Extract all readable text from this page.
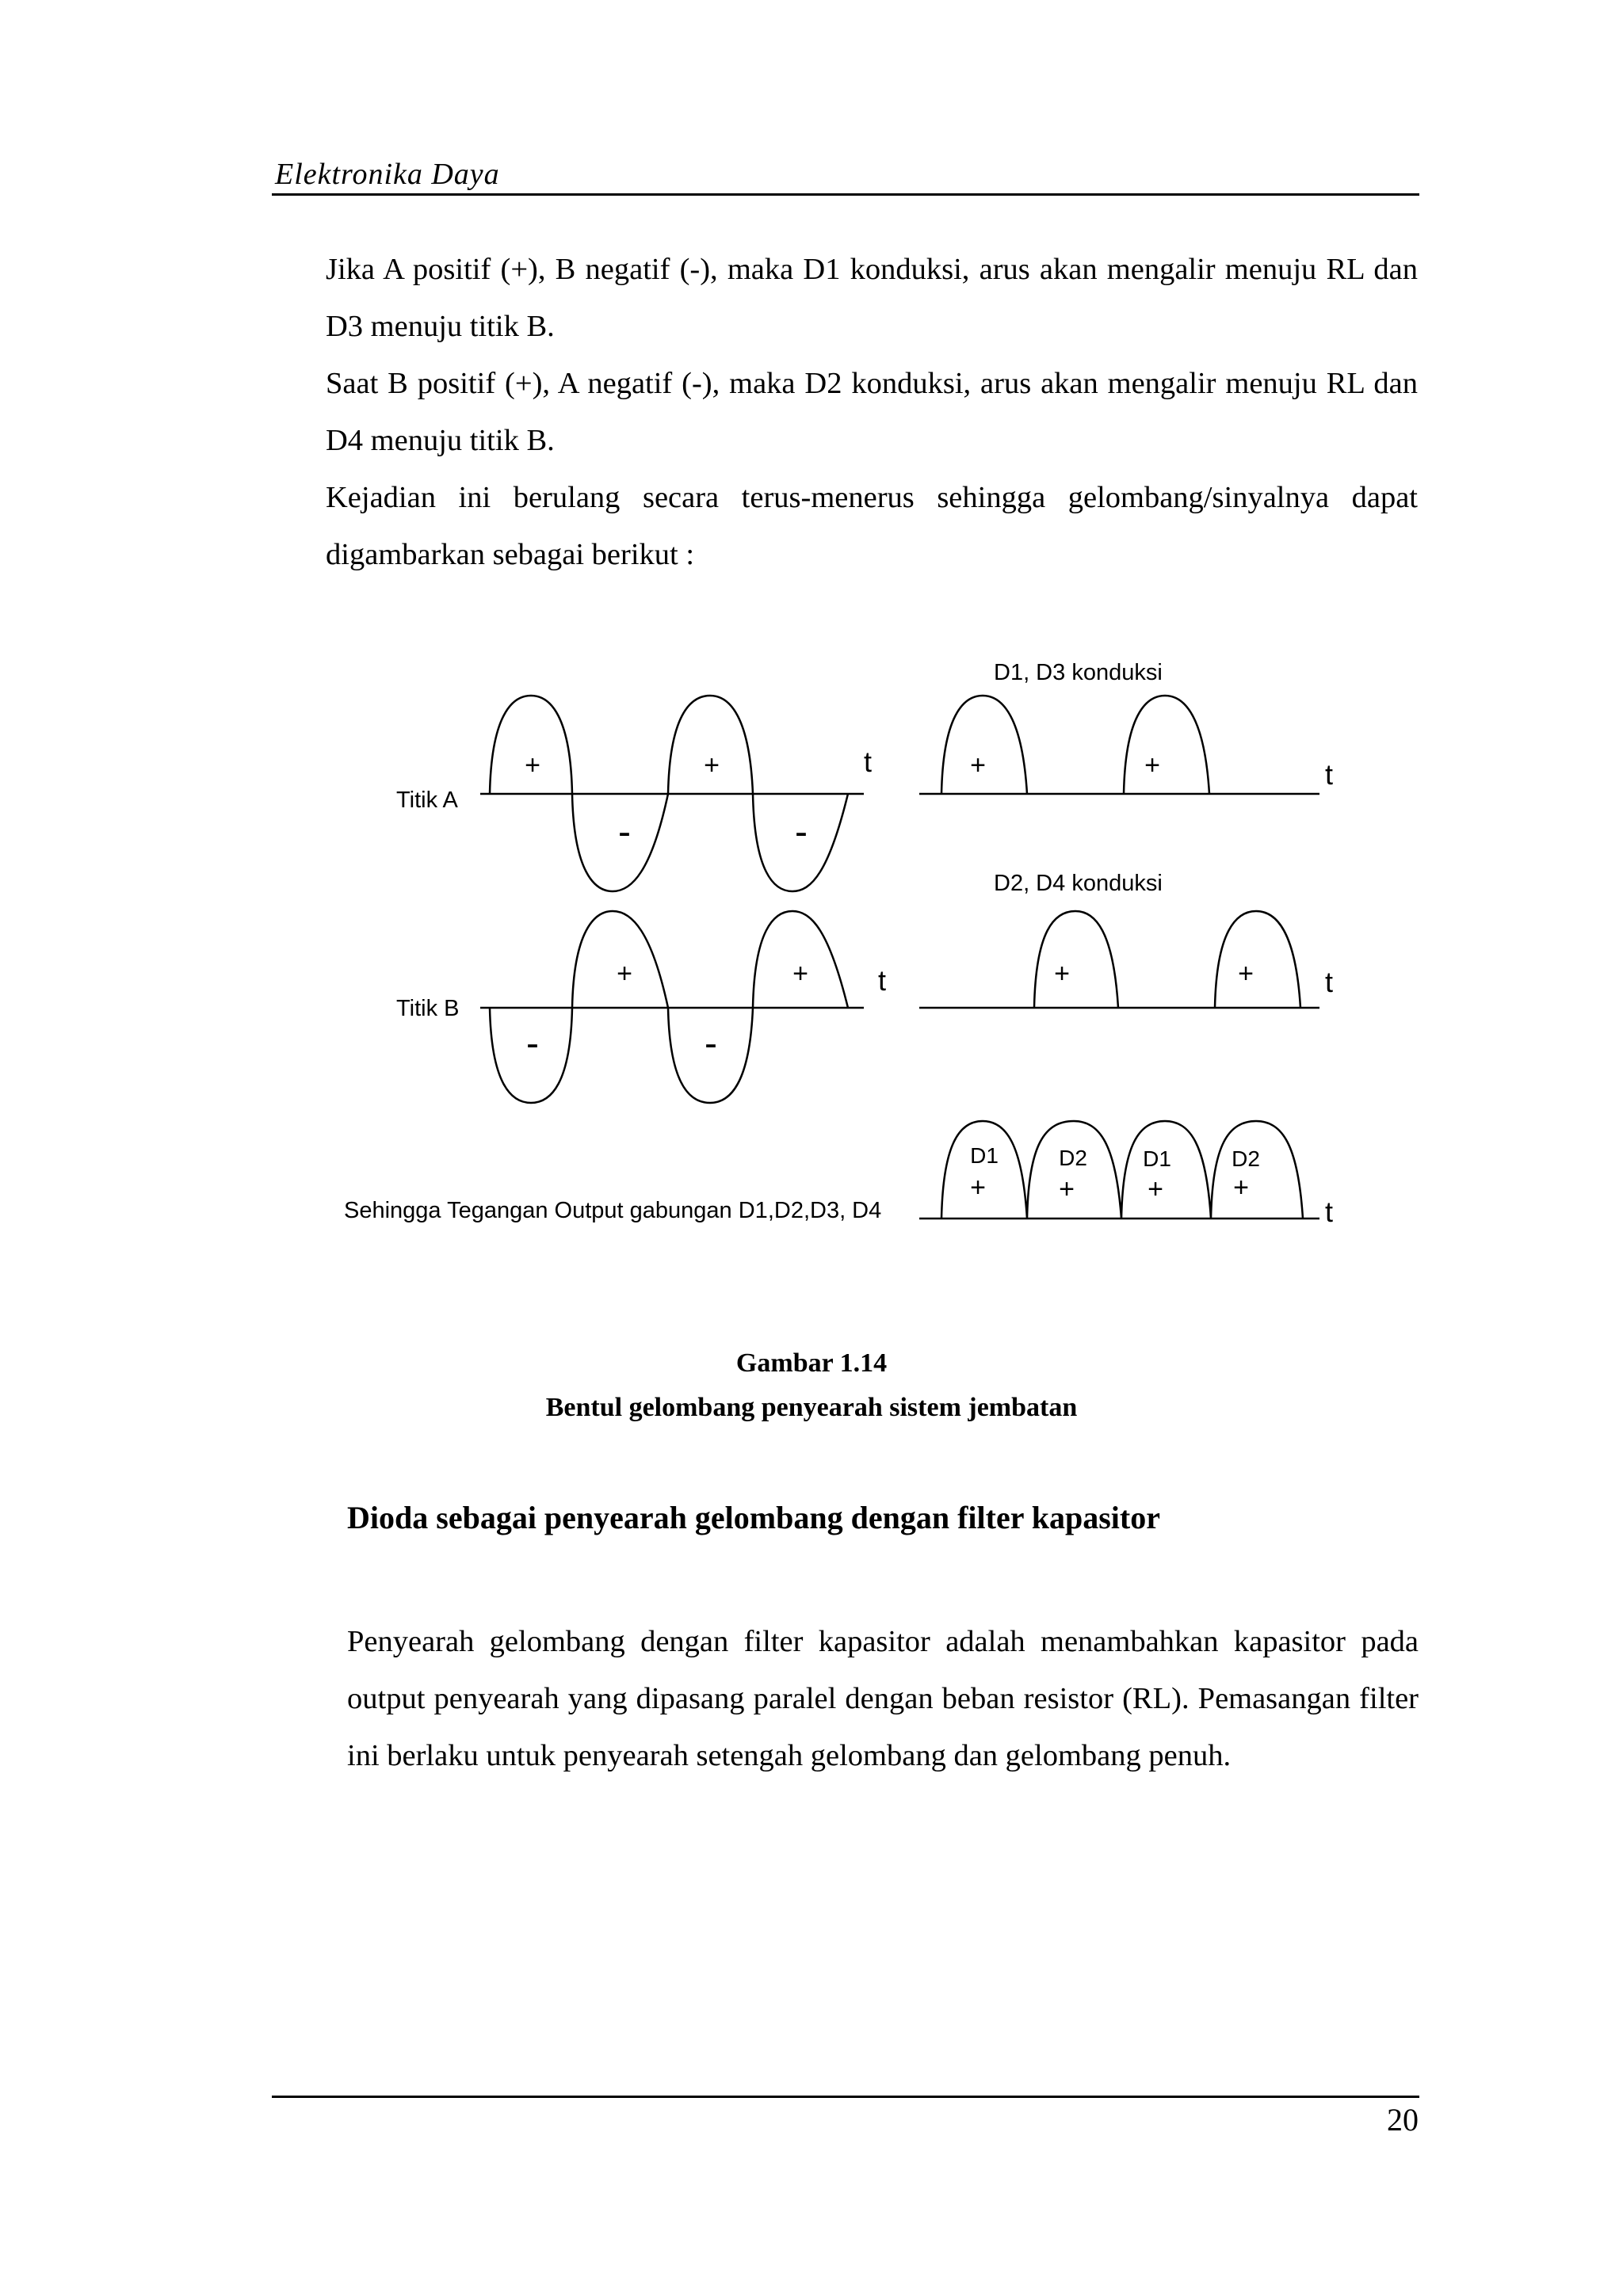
Elektronika Daya

Jika A positif (+), B negatif (-), maka D1 konduksi, arus akan mengalir menuju RL dan D3 menuju titik B.

Saat B positif (+), A negatif (-), maka D2 konduksi, arus akan mengalir menuju RL dan D4 menuju titik B.

Kejadian ini berulang secara terus-menerus sehingga gelombang/sinyalnya dapat digambarkan sebagai berikut :

Titik A
Titik B
D1, D3 konduksi
D2, D4 konduksi
Sehingga Tegangan Output gabungan D1,D2,D3, D4
t
t
t
t
t
+	+
-	-
+	+
-	-
+	+
+	+
D1	D2	D1	D2
+	+	+	+
Gambar 1.14
Bentul gelombang penyearah sistem jembatan
Dioda sebagai penyearah gelombang dengan filter kapasitor

Penyearah gelombang dengan filter kapasitor adalah menambahkan kapasitor pada output penyearah yang dipasang paralel dengan beban resistor (RL). Pemasangan filter ini berlaku untuk penyearah setengah gelombang dan gelombang penuh.

20
